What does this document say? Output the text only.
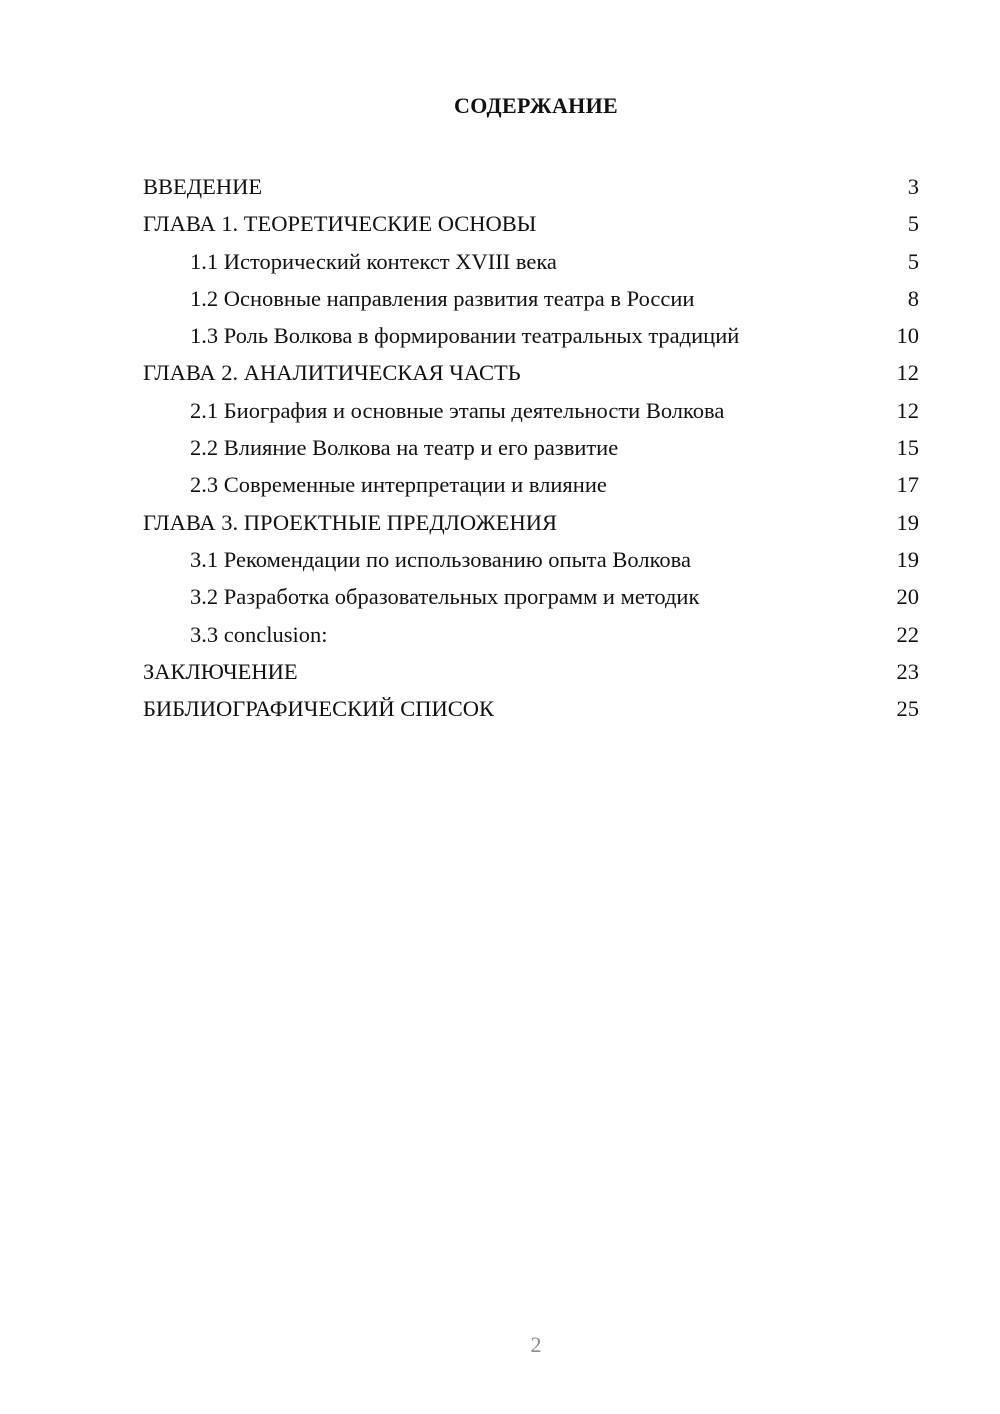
СОДЕРЖАНИЕ
ВВЕДЕНИЕ	3
ГЛАВА 1. ТЕОРЕТИЧЕСКИЕ ОСНОВЫ	5
1.1 Исторический контекст XVIII века	5
1.2 Основные направления развития театра в России	8
1.3 Роль Волкова в формировании театральных традиций	10
ГЛАВА 2. АНАЛИТИЧЕСКАЯ ЧАСТЬ	12
2.1 Биография и основные этапы деятельности Волкова	12
2.2 Влияние Волкова на театр и его развитие	15
2.3 Современные интерпретации и влияние	17
ГЛАВА 3. ПРОЕКТНЫЕ ПРЕДЛОЖЕНИЯ	19
3.1 Рекомендации по использованию опыта Волкова	19
3.2 Разработка образовательных программ и методик	20
3.3 conclusion:	22
ЗАКЛЮЧЕНИЕ	23
БИБЛИОГРАФИЧЕСКИЙ СПИСОК	25
2
